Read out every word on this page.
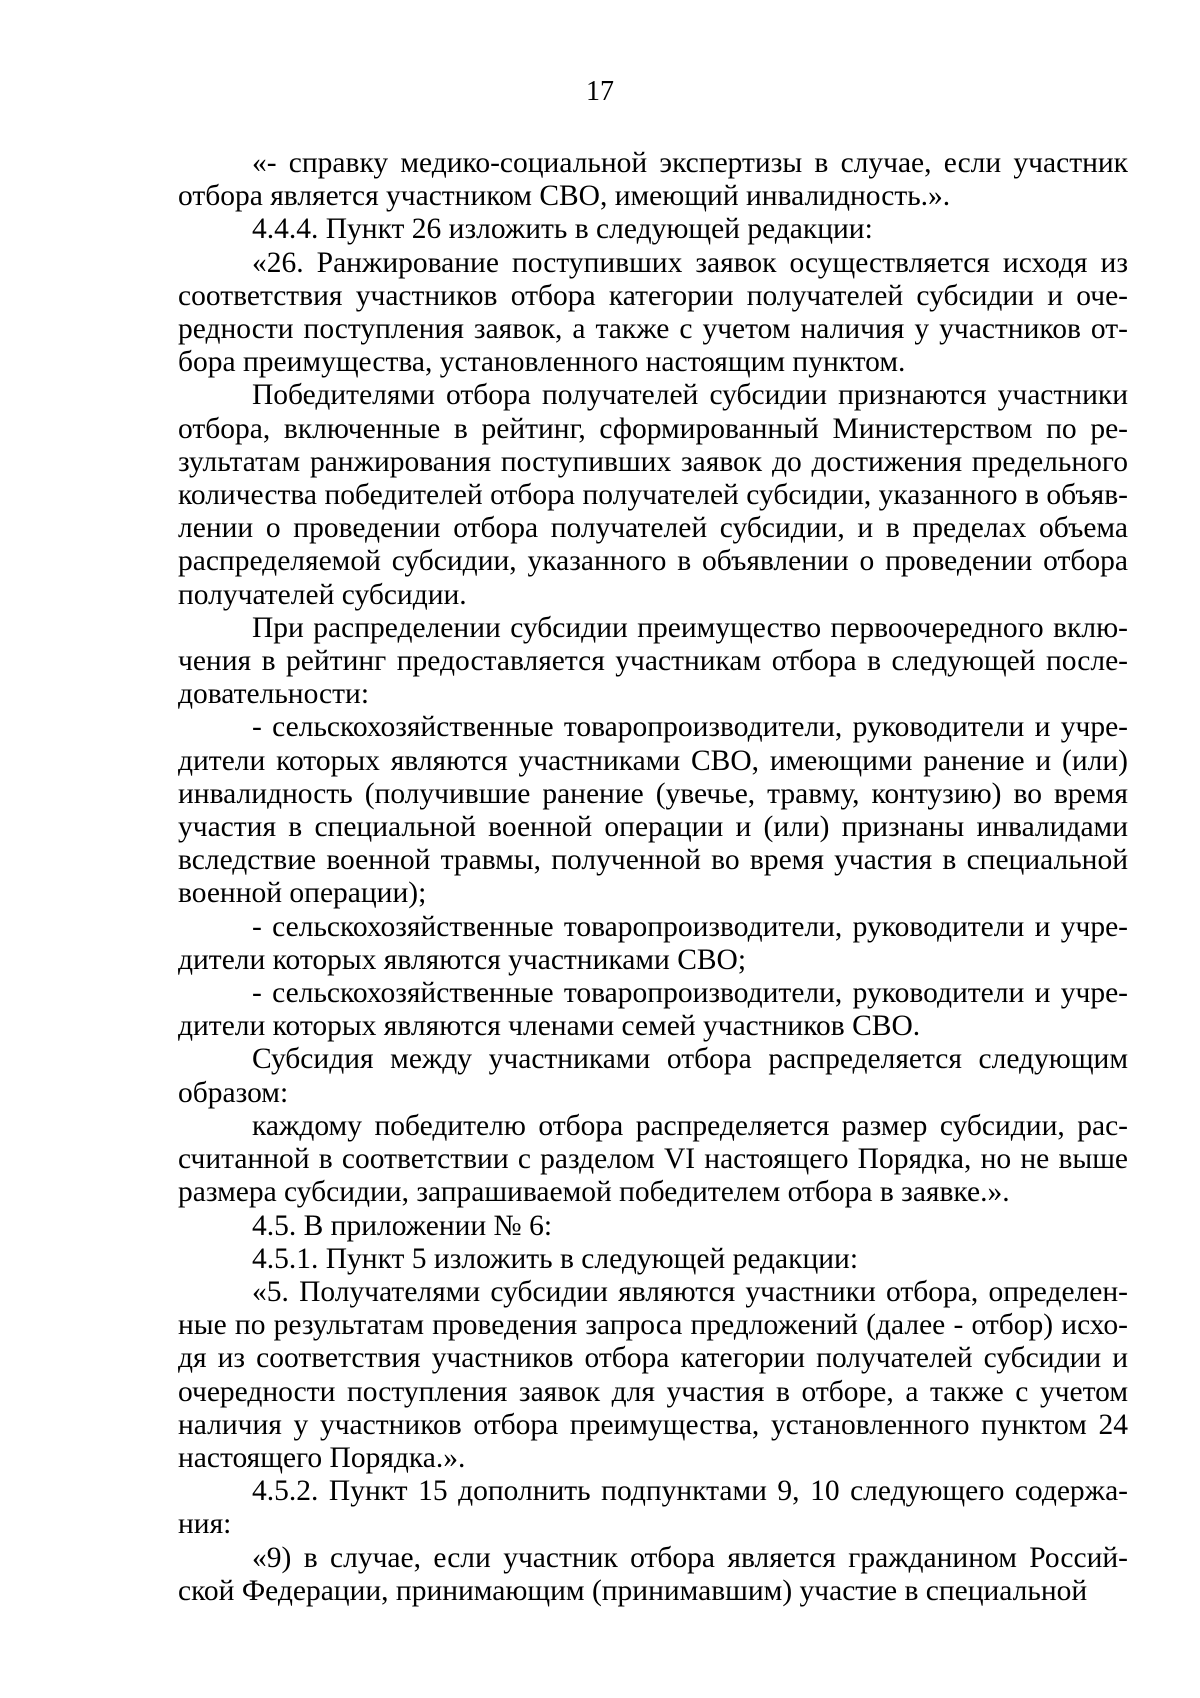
17

«- справку медико-социальной экспертизы в случае, если участник отбора является участником СВО, имеющий инвалидность.».

4.4.4. Пункт 26 изложить в следующей редакции:

«26. Ранжирование поступивших заявок осуществляется исходя из соответствия участников отбора категории получателей субсидии и очередности поступления заявок, а также с учетом наличия у участников отбора преимущества, установленного настоящим пунктом.

Победителями отбора получателей субсидии признаются участники отбора, включенные в рейтинг, сформированный Министерством по результатам ранжирования поступивших заявок до достижения предельного количества победителей отбора получателей субсидии, указанного в объявлении о проведении отбора получателей субсидии, и в пределах объема распределяемой субсидии, указанного в объявлении о проведении отбора получателей субсидии.

При распределении субсидии преимущество первоочередного включения в рейтинг предоставляется участникам отбора в следующей последовательности:

- сельскохозяйственные товаропроизводители, руководители и учредители которых являются участниками СВО, имеющими ранение и (или) инвалидность (получившие ранение (увечье, травму, контузию) во время участия в специальной военной операции и (или) признаны инвалидами вследствие военной травмы, полученной во время участия в специальной военной операции);

- сельскохозяйственные товаропроизводители, руководители и учредители которых являются участниками СВО;

- сельскохозяйственные товаропроизводители, руководители и учредители которых являются членами семей участников СВО.

Субсидия между участниками отбора распределяется следующим образом:

каждому победителю отбора распределяется размер субсидии, рассчитанной в соответствии с разделом VI настоящего Порядка, но не выше размера субсидии, запрашиваемой победителем отбора в заявке.».

4.5. В приложении № 6:

4.5.1. Пункт 5 изложить в следующей редакции:

«5. Получателями субсидии являются участники отбора, определенные по результатам проведения запроса предложений (далее - отбор) исходя из соответствия участников отбора категории получателей субсидии и очередности поступления заявок для участия в отборе, а также с учетом наличия у участников отбора преимущества, установленного пунктом 24 настоящего Порядка.».

4.5.2. Пункт 15 дополнить подпунктами 9, 10 следующего содержания:

«9) в случае, если участник отбора является гражданином Российской Федерации, принимающим (принимавшим) участие в специальной
